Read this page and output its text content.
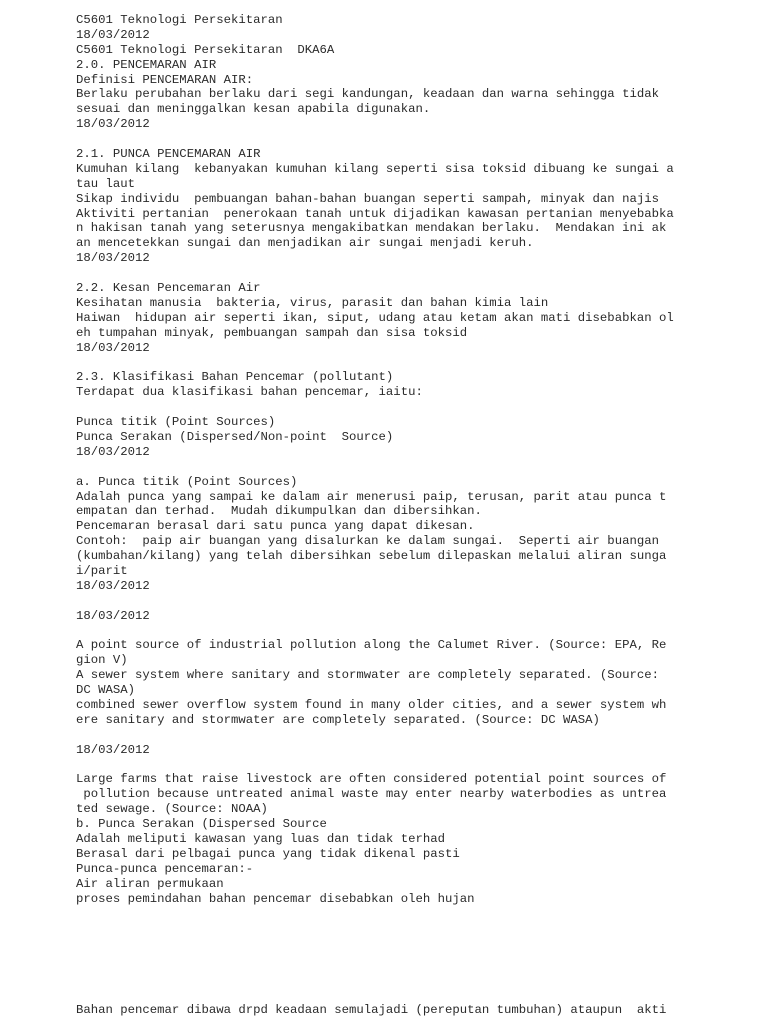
C5601 Teknologi Persekitaran
18/03/2012
C5601 Teknologi Persekitaran  DKA6A
2.0. PENCEMARAN AIR
Definisi PENCEMARAN AIR:
Berlaku perubahan berlaku dari segi kandungan, keadaan dan warna sehingga tidak
sesuai dan meninggalkan kesan apabila digunakan.
18/03/2012
2.1. PUNCA PENCEMARAN AIR
Kumuhan kilang  kebanyakan kumuhan kilang seperti sisa toksid dibuang ke sungai a
tau laut
Sikap individu  pembuangan bahan-bahan buangan seperti sampah, minyak dan najis
Aktiviti pertanian  penerokaan tanah untuk dijadikan kawasan pertanian menyebabka
n hakisan tanah yang seterusnya mengakibatkan mendakan berlaku.  Mendakan ini ak
an mencetekkan sungai dan menjadikan air sungai menjadi keruh.
18/03/2012
2.2. Kesan Pencemaran Air
Kesihatan manusia  bakteria, virus, parasit dan bahan kimia lain
Haiwan  hidupan air seperti ikan, siput, udang atau ketam akan mati disebabkan ol
eh tumpahan minyak, pembuangan sampah dan sisa toksid
18/03/2012
2.3. Klasifikasi Bahan Pencemar (pollutant)
Terdapat dua klasifikasi bahan pencemar, iaitu:
Punca titik (Point Sources)
Punca Serakan (Dispersed/Non-point  Source)
18/03/2012
a. Punca titik (Point Sources)
Adalah punca yang sampai ke dalam air menerusi paip, terusan, parit atau punca t
empatan dan terhad.  Mudah dikumpulkan dan dibersihkan.
Pencemaran berasal dari satu punca yang dapat dikesan.
Contoh:  paip air buangan yang disalurkan ke dalam sungai.  Seperti air buangan
(kumbahan/kilang) yang telah dibersihkan sebelum dilepaskan melalui aliran sunga
i/parit
18/03/2012
18/03/2012
A point source of industrial pollution along the Calumet River. (Source: EPA, Re
gion V)
A sewer system where sanitary and stormwater are completely separated. (Source:
DC WASA)
combined sewer overflow system found in many older cities, and a sewer system wh
ere sanitary and stormwater are completely separated. (Source: DC WASA)
18/03/2012
Large farms that raise livestock are often considered potential point sources of
pollution because untreated animal waste may enter nearby waterbodies as untrea
ted sewage. (Source: NOAA)
b. Punca Serakan (Dispersed Source
Adalah meliputi kawasan yang luas dan tidak terhad
Berasal dari pelbagai punca yang tidak dikenal pasti
Punca-punca pencemaran:-
Air aliran permukaan
proses pemindahan bahan pencemar disebabkan oleh hujan
Bahan pencemar dibawa drpd keadaan semulajadi (pereputan tumbuhan) ataupun  akti
